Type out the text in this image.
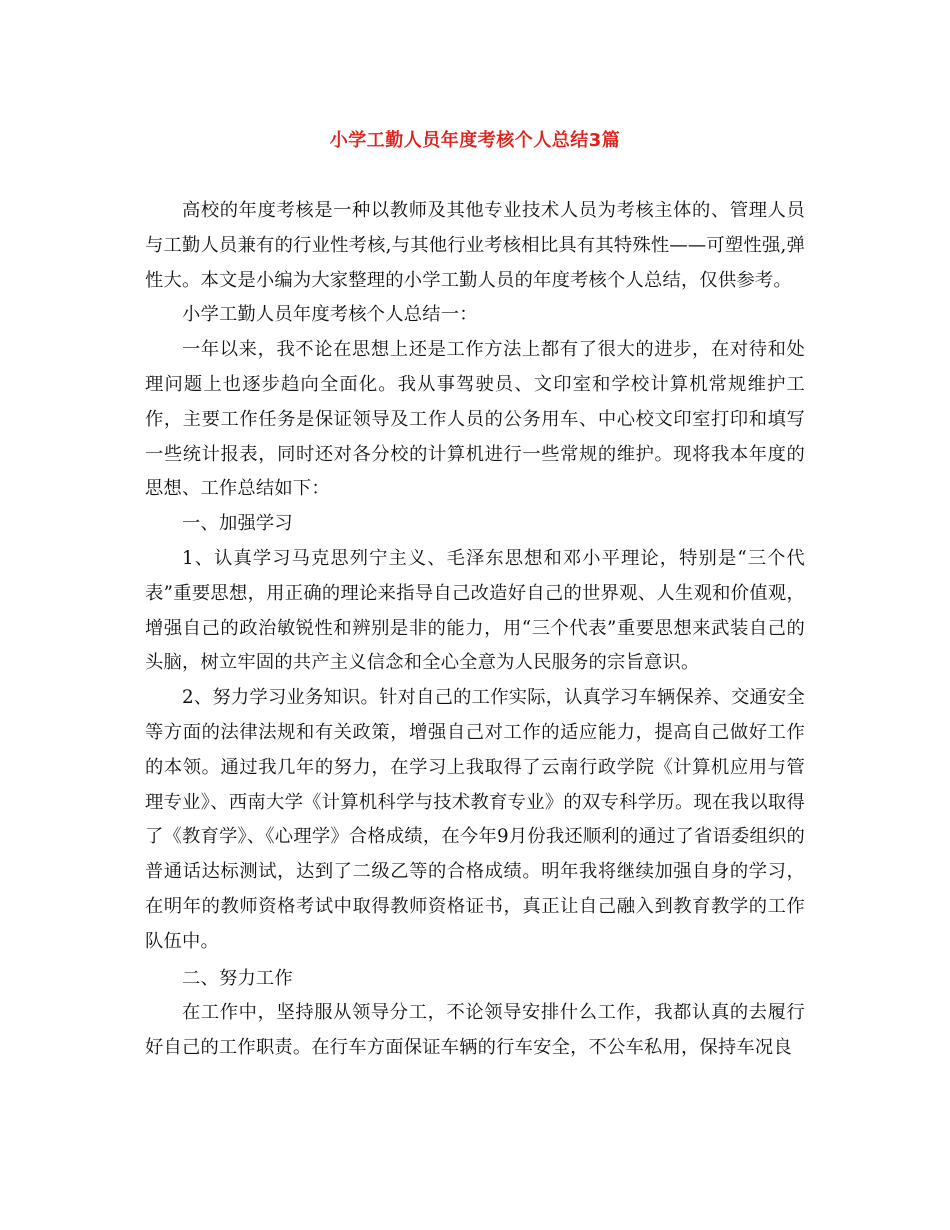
小学工勤人员年度考核个人总结3篇

高校的年度考核是一种以教师及其他专业技术人员为考核主体的、管理人员与工勤人员兼有的行业性考核,与其他行业考核相比具有其特殊性——可塑性强,弹性大。本文是小编为大家整理的小学工勤人员的年度考核个人总结，仅供参考。

小学工勤人员年度考核个人总结一：

一年以来，我不论在思想上还是工作方法上都有了很大的进步，在对待和处理问题上也逐步趋向全面化。我从事驾驶员、文印室和学校计算机常规维护工作，主要工作任务是保证领导及工作人员的公务用车、中心校文印室打印和填写一些统计报表，同时还对各分校的计算机进行一些常规的维护。现将我本年度的思想、工作总结如下：

一、加强学习

1、认真学习马克思列宁主义、毛泽东思想和邓小平理论，特别是“三个代表”重要思想，用正确的理论来指导自己改造好自己的世界观、人生观和价值观，增强自己的政治敏锐性和辨别是非的能力，用“三个代表”重要思想来武装自己的头脑，树立牢固的共产主义信念和全心全意为人民服务的宗旨意识。

2、努力学习业务知识。针对自己的工作实际，认真学习车辆保养、交通安全等方面的法律法规和有关政策，增强自己对工作的适应能力，提高自己做好工作的本领。通过我几年的努力，在学习上我取得了云南行政学院《计算机应用与管理专业》、西南大学《计算机科学与技术教育专业》的双专科学历。现在我以取得了《教育学》、《心理学》合格成绩，在今年9月份我还顺利的通过了省语委组织的普通话达标测试，达到了二级乙等的合格成绩。明年我将继续加强自身的学习，在明年的教师资格考试中取得教师资格证书，真正让自己融入到教育教学的工作队伍中。

二、努力工作

在工作中，坚持服从领导分工，不论领导安排什么工作，我都认真的去履行好自己的工作职责。在行车方面保证车辆的行车安全，不公车私用，保持车况良
